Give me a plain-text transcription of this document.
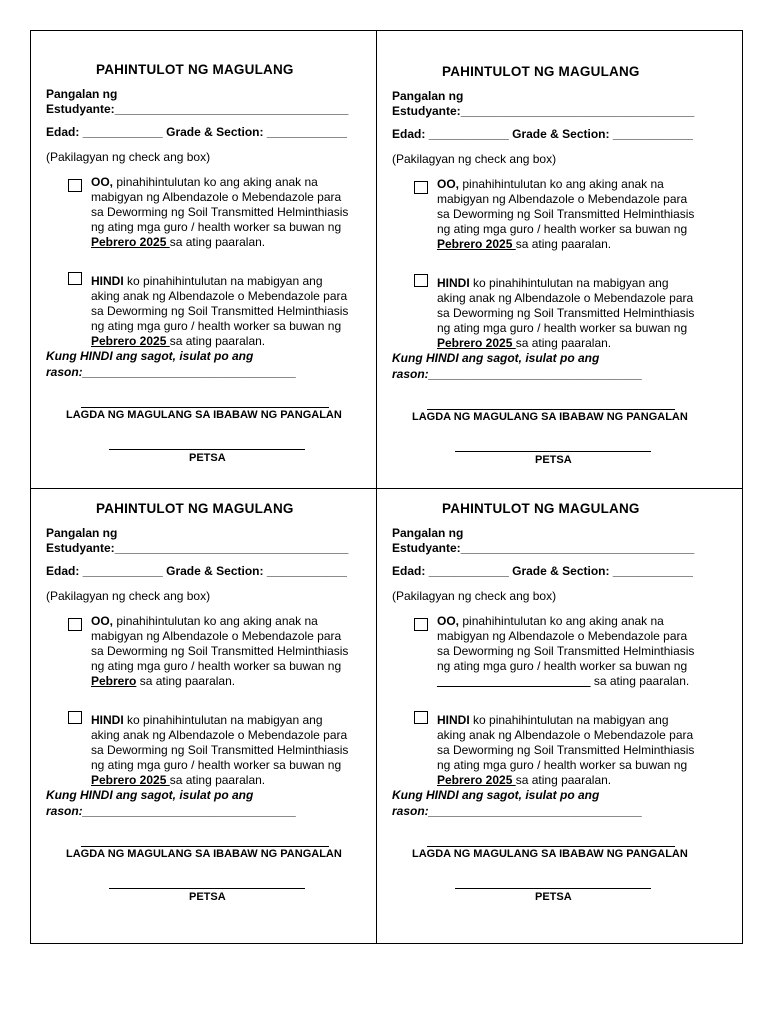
PAHINTULOT NG MAGULANG
Pangalan ng
Estudyante:___________________________________
Edad: ____________ Grade & Section: ____________
(Pakilagyan ng check ang box)
OO, pinahihintulutan ko ang aking anak na
mabigyan ng Albendazole o Mebendazole para
sa Deworming ng Soil Transmitted Helminthiasis
ng ating mga guro / health worker sa buwan ng
Pebrero 2025 sa ating paaralan.
HINDI ko pinahihintulutan na mabigyan ang
aking anak ng Albendazole o Mebendazole para
sa Deworming ng Soil Transmitted Helminthiasis
ng ating mga guro / health worker sa buwan ng
Pebrero 2025 sa ating paaralan.
Kung HINDI ang sagot, isulat po ang
rason:________________________________
LAGDA NG MAGULANG SA IBABAW NG PANGALAN
PETSA
PAHINTULOT NG MAGULANG
Pangalan ng
Estudyante:___________________________________
Edad: ____________ Grade & Section: ____________
(Pakilagyan ng check ang box)
OO, pinahihintulutan ko ang aking anak na
mabigyan ng Albendazole o Mebendazole para
sa Deworming ng Soil Transmitted Helminthiasis
ng ating mga guro / health worker sa buwan ng
Pebrero 2025 sa ating paaralan.
HINDI ko pinahihintulutan na mabigyan ang
aking anak ng Albendazole o Mebendazole para
sa Deworming ng Soil Transmitted Helminthiasis
ng ating mga guro / health worker sa buwan ng
Pebrero 2025 sa ating paaralan.
Kung HINDI ang sagot, isulat po ang
rason:________________________________
LAGDA NG MAGULANG SA IBABAW NG PANGALAN
PETSA
PAHINTULOT NG MAGULANG
Pangalan ng
Estudyante:___________________________________
Edad: ____________ Grade & Section: ____________
(Pakilagyan ng check ang box)
OO, pinahihintulutan ko ang aking anak na
mabigyan ng Albendazole o Mebendazole para
sa Deworming ng Soil Transmitted Helminthiasis
ng ating mga guro / health worker sa buwan ng
Pebrero sa ating paaralan.
HINDI ko pinahihintulutan na mabigyan ang
aking anak ng Albendazole o Mebendazole para
sa Deworming ng Soil Transmitted Helminthiasis
ng ating mga guro / health worker sa buwan ng
Pebrero 2025 sa ating paaralan.
Kung HINDI ang sagot, isulat po ang
rason:________________________________
LAGDA NG MAGULANG SA IBABAW NG PANGALAN
PETSA
PAHINTULOT NG MAGULANG
Pangalan ng
Estudyante:___________________________________
Edad: ____________ Grade & Section: ____________
(Pakilagyan ng check ang box)
OO, pinahihintulutan ko ang aking anak na
mabigyan ng Albendazole o Mebendazole para
sa Deworming ng Soil Transmitted Helminthiasis
ng ating mga guro / health worker sa buwan ng
_______________________ sa ating paaralan.
HINDI ko pinahihintulutan na mabigyan ang
aking anak ng Albendazole o Mebendazole para
sa Deworming ng Soil Transmitted Helminthiasis
ng ating mga guro / health worker sa buwan ng
Pebrero 2025 sa ating paaralan.
Kung HINDI ang sagot, isulat po ang
rason:________________________________
LAGDA NG MAGULANG SA IBABAW NG PANGALAN
PETSA
